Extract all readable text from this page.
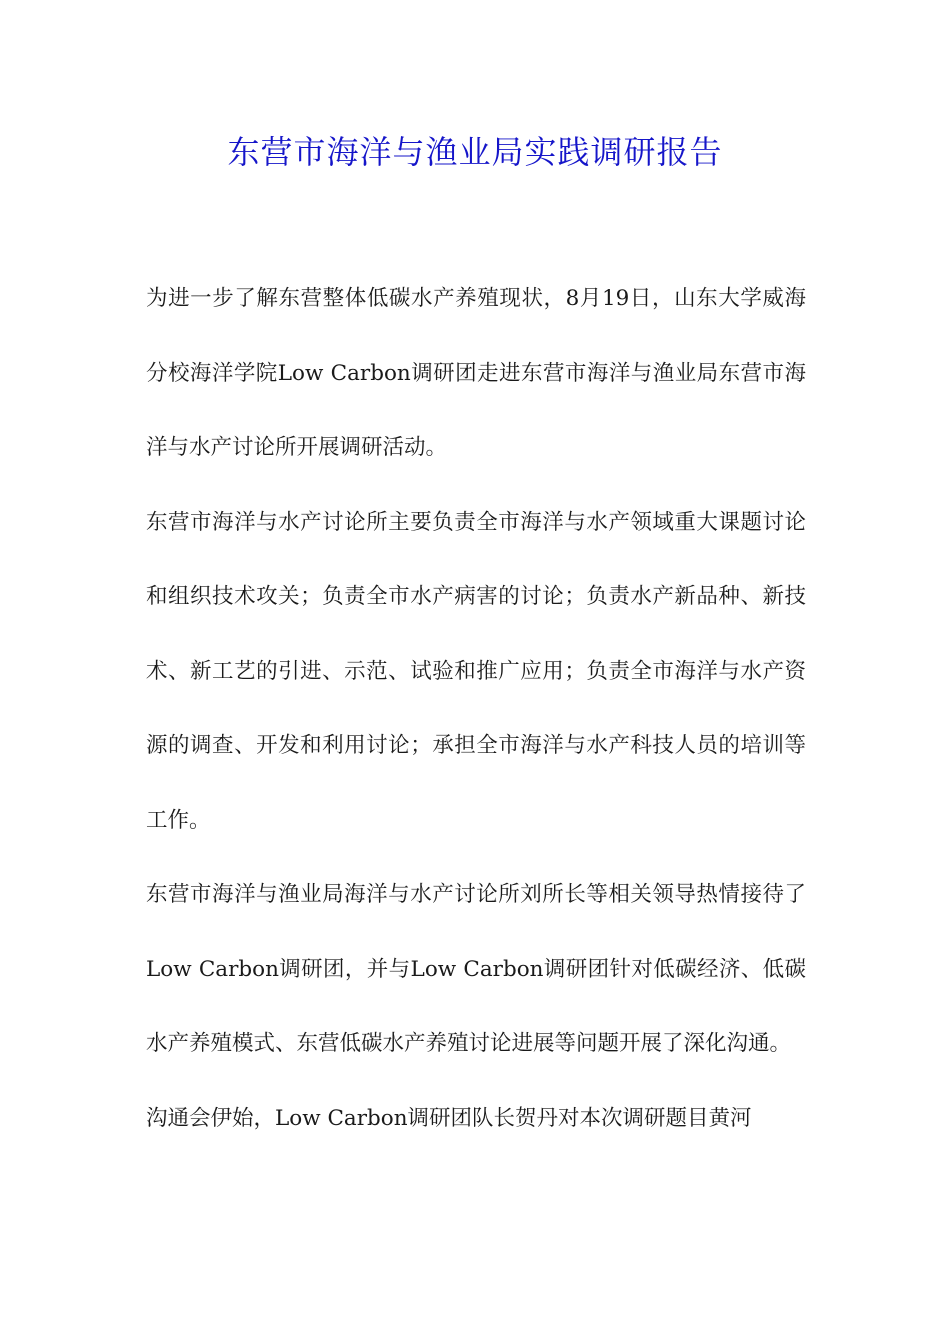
东营市海洋与渔业局实践调研报告

为进一步了解东营整体低碳水产养殖现状，8月19日，山东大学威海分校海洋学院Low Carbon调研团走进东营市海洋与渔业局东营市海洋与水产讨论所开展调研活动。

东营市海洋与水产讨论所主要负责全市海洋与水产领域重大课题讨论和组织技术攻关；负责全市水产病害的讨论；负责水产新品种、新技术、新工艺的引进、示范、试验和推广应用；负责全市海洋与水产资源的调查、开发和利用讨论；承担全市海洋与水产科技人员的培训等工作。

东营市海洋与渔业局海洋与水产讨论所刘所长等相关领导热情接待了Low Carbon调研团，并与Low Carbon调研团针对低碳经济、低碳水产养殖模式、东营低碳水产养殖讨论进展等问题开展了深化沟通。

沟通会伊始，Low Carbon调研团队长贺丹对本次调研题目黄河
